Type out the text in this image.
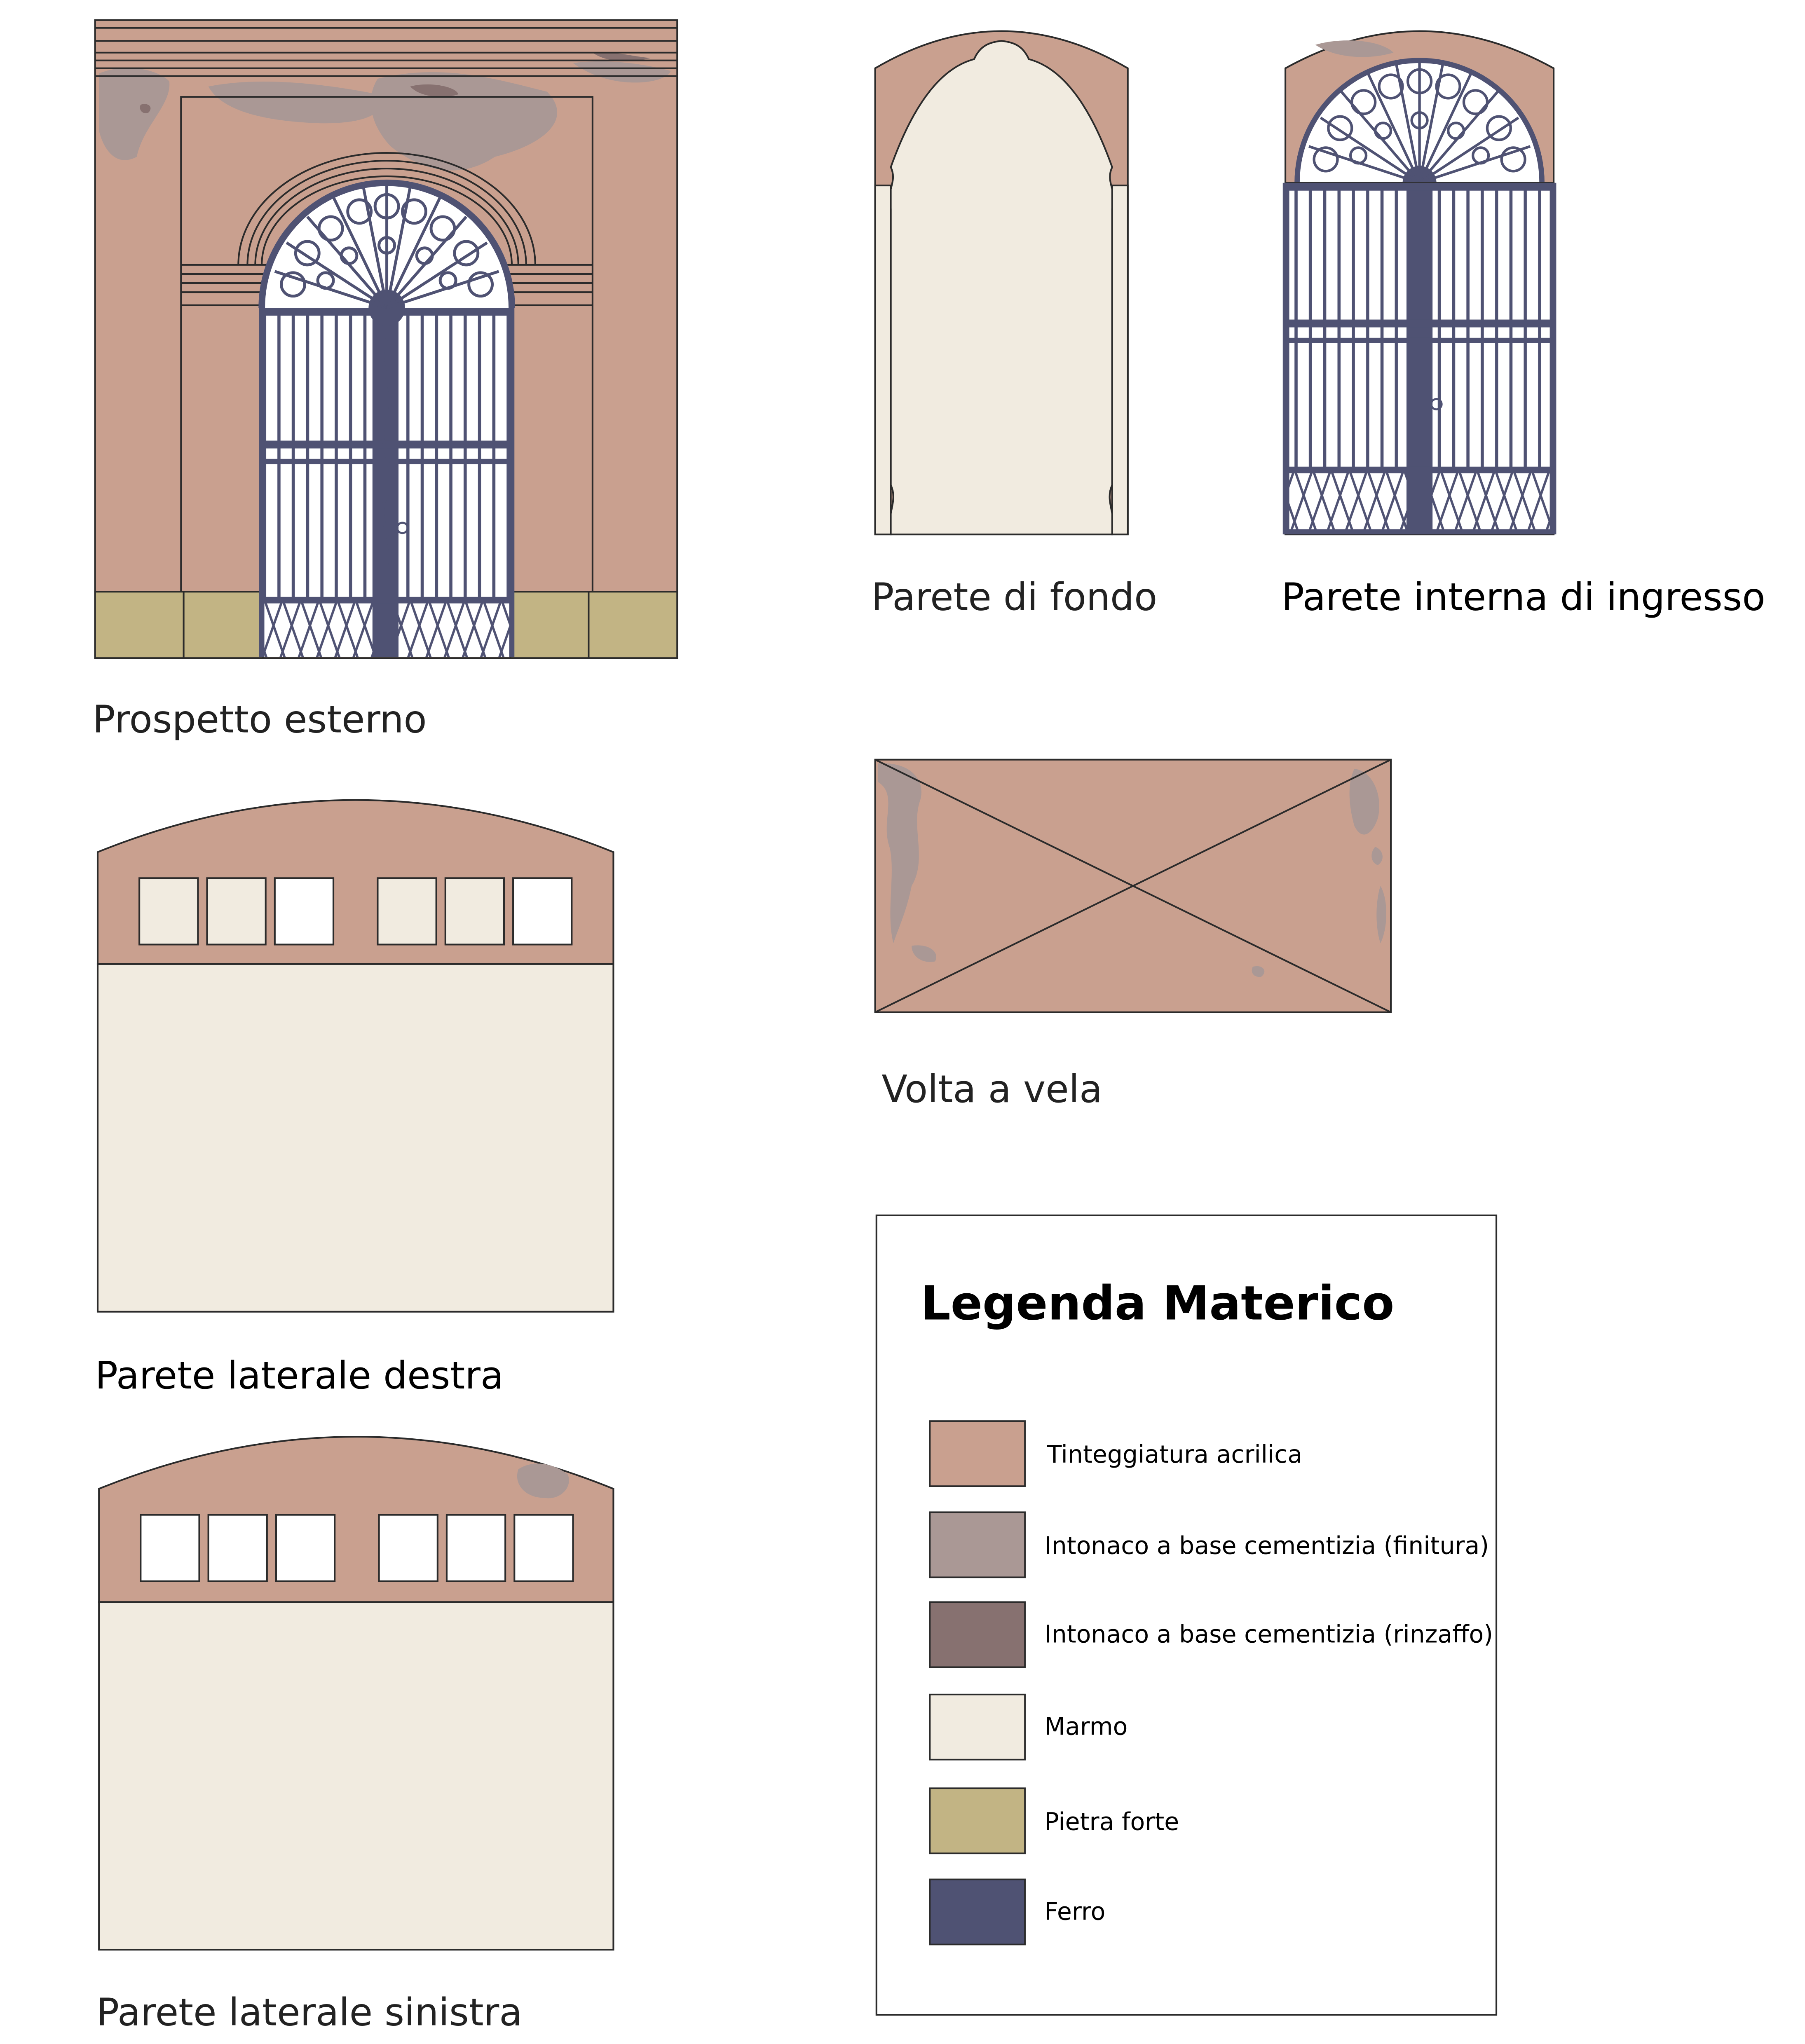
Prospetto esterno
Parete di fondo	Parete interna di ingresso
Volta a vela
Parete laterale destra
Parete laterale sinistra
Legenda Materico
Tinteggiatura acrilica
Intonaco a base cementizia (finitura)
Intonaco a base cementizia (rinzaffo)
Marmo
Pietra forte
Ferro
